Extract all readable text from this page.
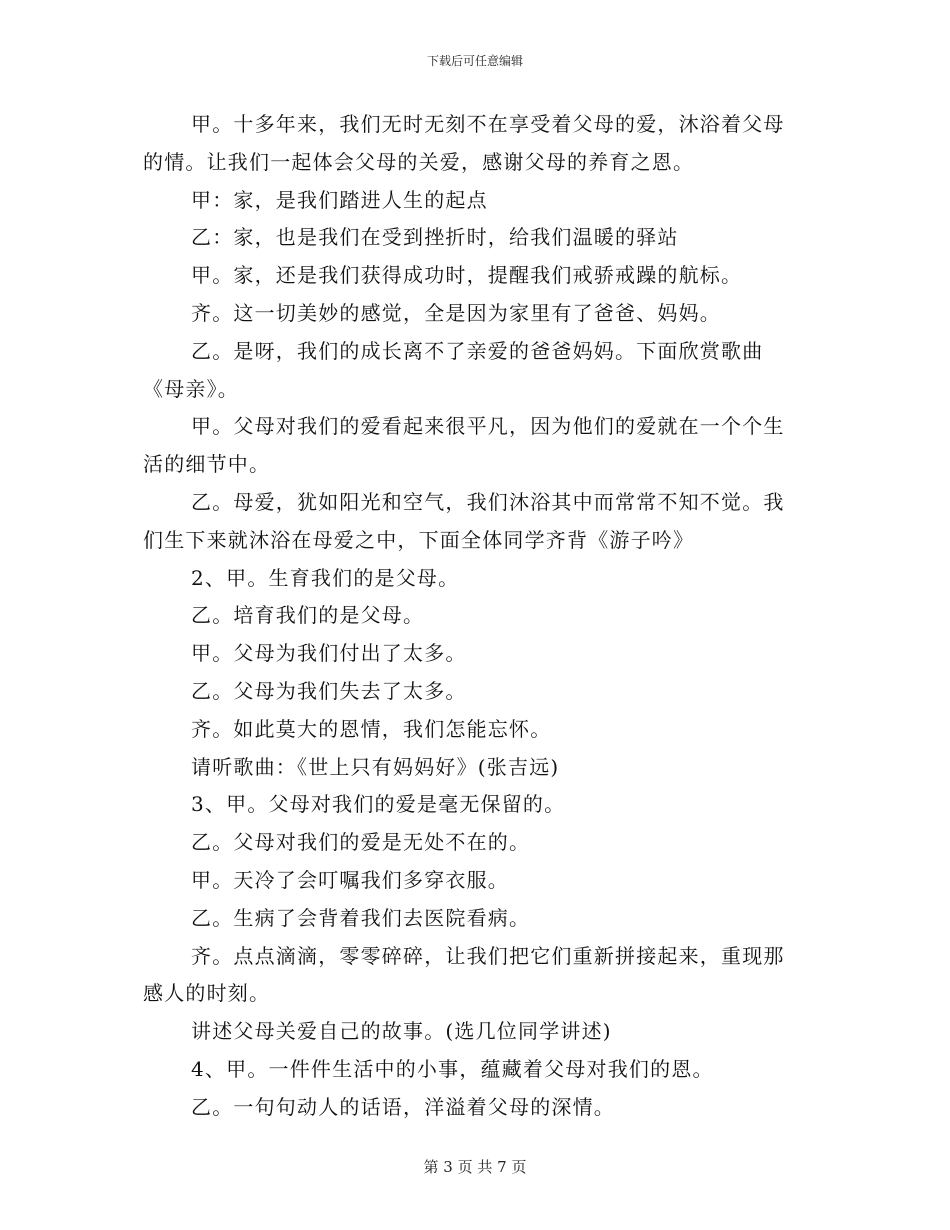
下载后可任意编辑

甲。十多年来，我们无时无刻不在享受着父母的爱，沐浴着父母的情。让我们一起体会父母的关爱，感谢父母的养育之恩。

甲：家，是我们踏进人生的起点

乙：家，也是我们在受到挫折时，给我们温暖的驿站

甲。家，还是我们获得成功时，提醒我们戒骄戒躁的航标。

齐。这一切美妙的感觉，全是因为家里有了爸爸、妈妈。

乙。是呀，我们的成长离不了亲爱的爸爸妈妈。下面欣赏歌曲《母亲》。

甲。父母对我们的爱看起来很平凡，因为他们的爱就在一个个生活的细节中。

乙。母爱，犹如阳光和空气，我们沐浴其中而常常不知不觉。我们生下来就沐浴在母爱之中，下面全体同学齐背《游子吟》

2、甲。生育我们的是父母。

乙。培育我们的是父母。

甲。父母为我们付出了太多。

乙。父母为我们失去了太多。

齐。如此莫大的恩情，我们怎能忘怀。

请听歌曲：《世上只有妈妈好》(张吉远)

3、甲。父母对我们的爱是毫无保留的。

乙。父母对我们的爱是无处不在的。

甲。天冷了会叮嘱我们多穿衣服。

乙。生病了会背着我们去医院看病。

齐。点点滴滴，零零碎碎，让我们把它们重新拼接起来，重现那感人的时刻。

讲述父母关爱自己的故事。(选几位同学讲述)

4、甲。一件件生活中的小事，蕴藏着父母对我们的恩。

乙。一句句动人的话语，洋溢着父母的深情。

第 3 页 共 7 页
